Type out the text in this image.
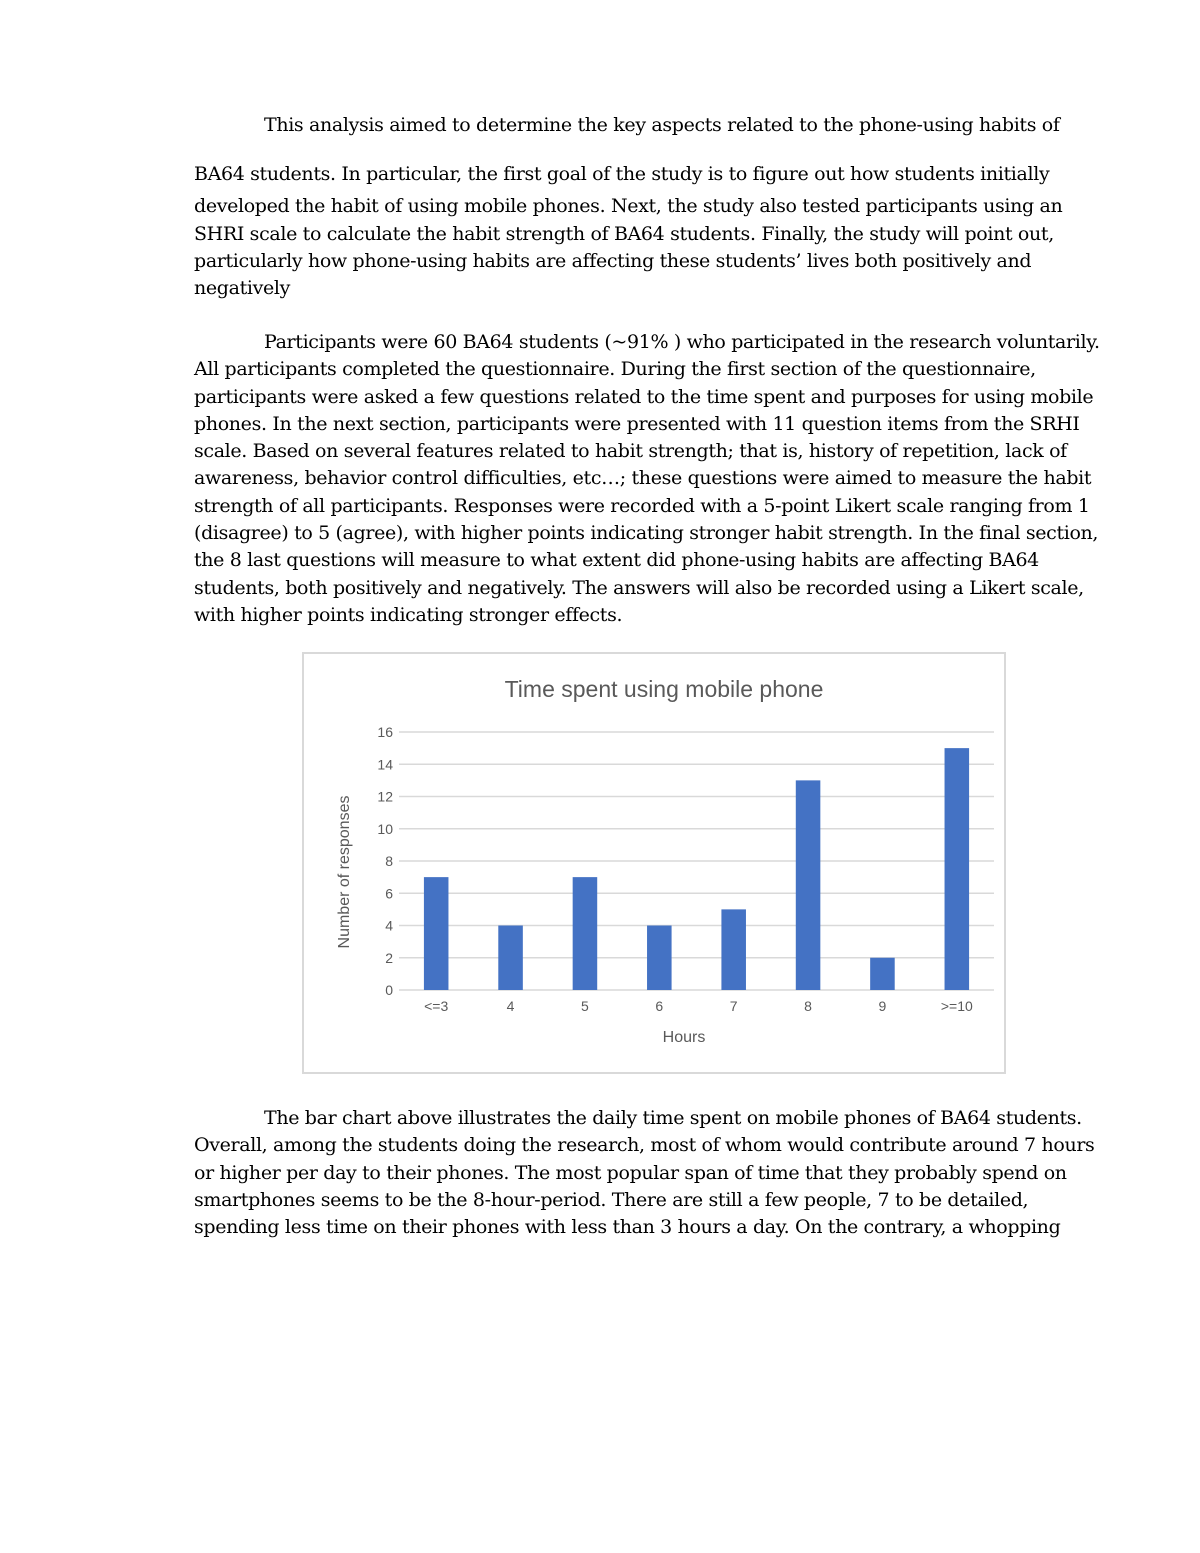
This analysis aimed to determine the key aspects related to the phone-using habits of

BA64 students. In particular, the first goal of the study is to figure out how students initially
developed the habit of using mobile phones. Next, the study also tested participants using an
SHRI scale to calculate the habit strength of BA64 students. Finally, the study will point out,
particularly how phone-using habits are affecting these students’ lives both positively and
negatively

Participants were 60 BA64 students (~91% ) who participated in the research voluntarily.
All participants completed the questionnaire. During the first section of the questionnaire,
participants were asked a few questions related to the time spent and purposes for using mobile
phones. In the next section, participants were presented with 11 question items from the SRHI
scale. Based on several features related to habit strength; that is, history of repetition, lack of
awareness, behavior control difficulties, etc…; these questions were aimed to measure the habit
strength of all participants. Responses were recorded with a 5-point Likert scale ranging from 1
(disagree) to 5 (agree), with higher points indicating stronger habit strength. In the final section,
the 8 last questions will measure to what extent did phone-using habits are affecting BA64
students, both positively and negatively. The answers will also be recorded using a Likert scale,
with higher points indicating stronger effects.

Time spent using mobile phone
0
2
4
6
8
10
12
14
16
<=3	4	5	6	7	8	9	>=10
Hours
Number of responses

The bar chart above illustrates the daily time spent on mobile phones of BA64 students.
Overall, among the students doing the research, most of whom would contribute around 7 hours
or higher per day to their phones. The most popular span of time that they probably spend on
smartphones seems to be the 8-hour-period. There are still a few people, 7 to be detailed,
spending less time on their phones with less than 3 hours a day. On the contrary, a whopping
